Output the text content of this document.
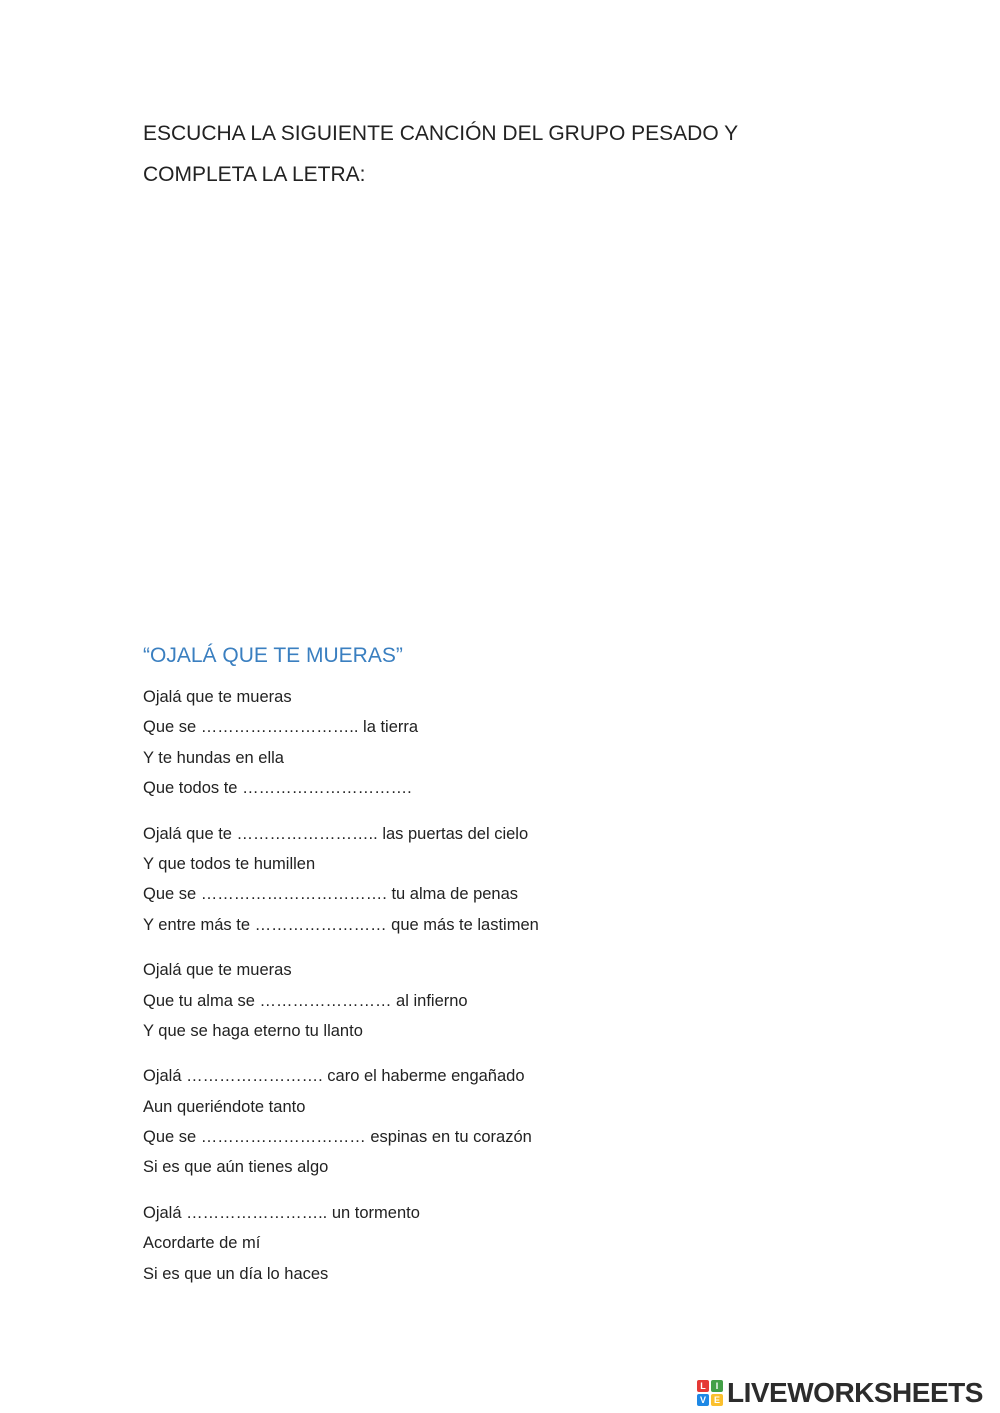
ESCUCHA LA SIGUIENTE CANCIÓN DEL GRUPO PESADO Y

COMPLETA LA LETRA:

“OJALÁ QUE TE MUERAS”
Ojalá que te mueras
Que se ……………………….. la tierra
Y te hundas en ella
Que todos te ………………………….
Ojalá que te …………………….. las puertas del cielo
Y que todos te humillen
Que se ……………………………. tu alma de penas
Y entre más te …………………… que más te lastimen
Ojalá que te mueras
Que tu alma se …………………… al infierno
Y que se haga eterno tu llanto
Ojalá ……………………. caro el haberme engañado
Aun queriéndote tanto
Que se ………………………… espinas en tu corazón
Si es que aún tienes algo
Ojalá …………………….. un tormento
Acordarte de mí
Si es que un día lo haces
L	I
V E LIVEWORKSHEETS
